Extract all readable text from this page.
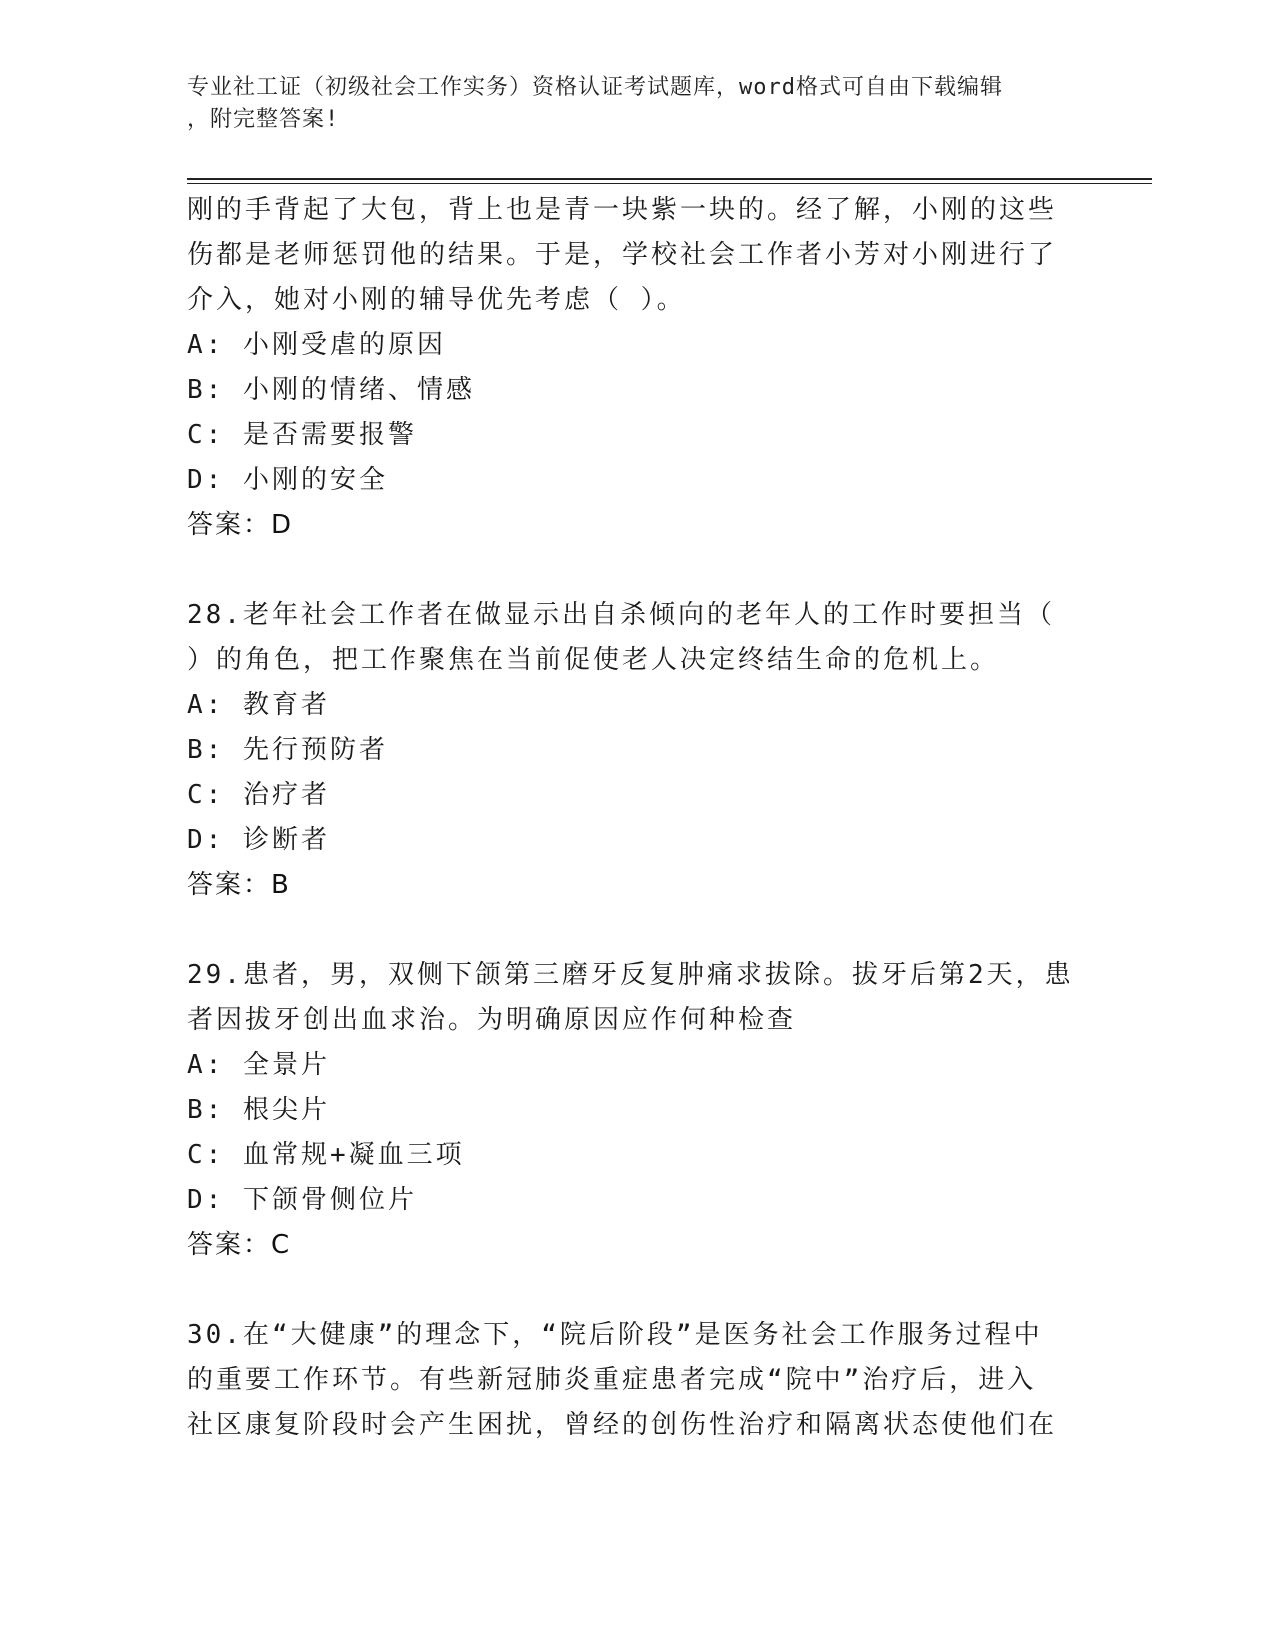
专业社工证（初级社会工作实务）资格认证考试题库，word格式可自由下载编辑
，附完整答案!
刚的手背起了大包，背上也是青一块紫一块的。经了解，小刚的这些
伤都是老师惩罚他的结果。于是，学校社会工作者小芳对小刚进行了
介入，她对小刚的辅导优先考虑（ ）。
A: 小刚受虐的原因
B: 小刚的情绪、情感
C: 是否需要报警
D: 小刚的安全
答案：D
28.老年社会工作者在做显示出自杀倾向的老年人的工作时要担当（
）的角色，把工作聚焦在当前促使老人决定终结生命的危机上。
A: 教育者
B: 先行预防者
C: 治疗者
D: 诊断者
答案：B
29.患者，男，双侧下颌第三磨牙反复肿痛求拔除。拔牙后第2天，患
者因拔牙创出血求治。为明确原因应作何种检查
A: 全景片
B: 根尖片
C: 血常规+凝血三项
D: 下颌骨侧位片
答案：C
30.在“大健康”的理念下，“院后阶段”是医务社会工作服务过程中
的重要工作环节。有些新冠肺炎重症患者完成“院中”治疗后，进入
社区康复阶段时会产生困扰，曾经的创伤性治疗和隔离状态使他们在
